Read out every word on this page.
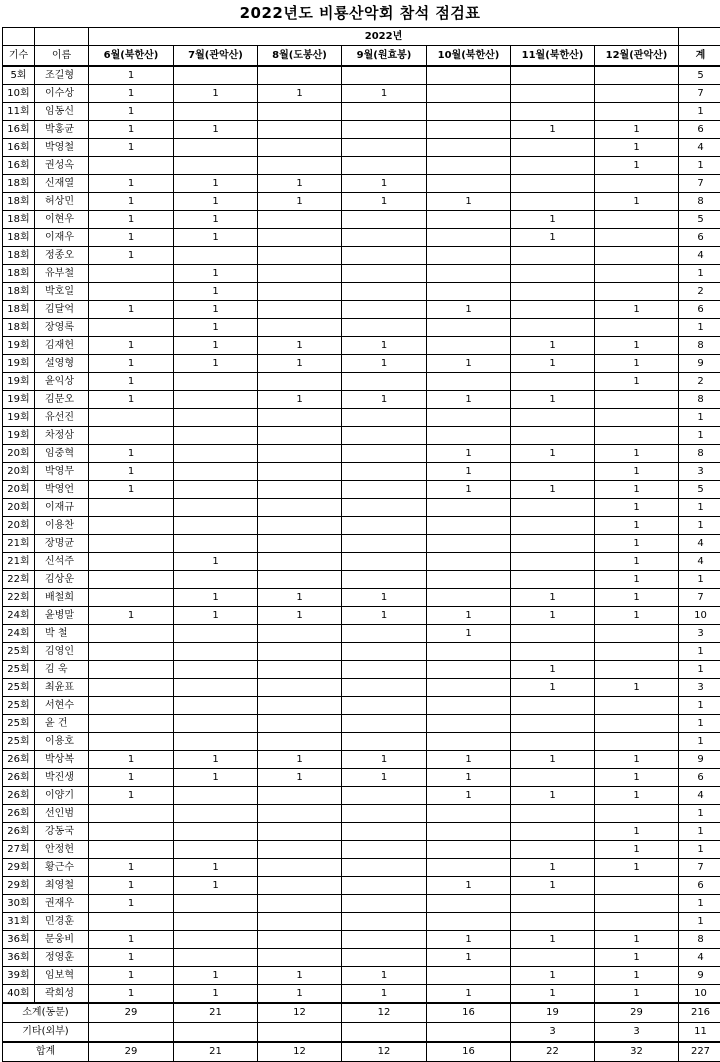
2022년도 비룡산악회 참석 점검표
		2022년							
기수	이름	6월(북한산)	7월(관악산)	8월(도봉산)	9월(원효봉)	10월(북한산)	11월(북한산)	12월(관악산)	계
5회	조길형	1							5
10회	이수상	1	1	1	1				7
11회	임동신	1							1
16회	박홍균	1	1				1	1	6
16회	박영철	1						1	4
16회	권성옥							1	1
18회	신재열	1	1	1	1				7
18회	허상민	1	1	1	1	1		1	8
18회	이현우	1	1				1		5
18회	이재우	1	1				1		6
18회	정종오	1							4
18회	유부철		1						1
18회	박호일		1						2
18회	김달억	1	1			1		1	6
18회	장영록		1						1
19회	김재헌	1	1	1	1		1	1	8
19회	설영형	1	1	1	1	1	1	1	9
19회	윤익상	1						1	2
19회	김문오	1		1	1	1	1		8
19회	유선진								1
19회	차정삼								1
20회	임중혁	1				1	1	1	8
20회	박영무	1				1		1	3
20회	박영언	1				1	1	1	5
20회	이재규							1	1
20회	이용찬							1	1
21회	장명균							1	4
21회	신석주		1					1	4
22회	김상운							1	1
22회	배철희		1	1	1		1	1	7
24회	윤병말	1	1	1	1	1	1	1	10
24회	박 철					1			3
25회	김영인								1
25회	김 욱						1		1
25회	최윤표						1	1	3
25회	서현수								1
25회	윤 건								1
25회	이용호								1
26회	박상복	1	1	1	1	1	1	1	9
26회	박진생	1	1	1	1	1		1	6
26회	이양기	1				1	1	1	4
26회	선인범								1
26회	강동국							1	1
27회	안정헌							1	1
29회	황근수	1	1				1	1	7
29회	최영철	1	1			1	1		6
30회	권재우	1							1
31회	민경훈								1
36회	문웅비	1				1	1	1	8
36회	정영훈	1				1		1	4
39회	임보혁	1	1	1	1		1	1	9
40회	곽희성	1	1	1	1	1	1	1	10
소계(동문)		29	21	12	12	16	19	29	216
기타(외부)							3	3	11
합계		29	21	12	12	16	22	32	227
